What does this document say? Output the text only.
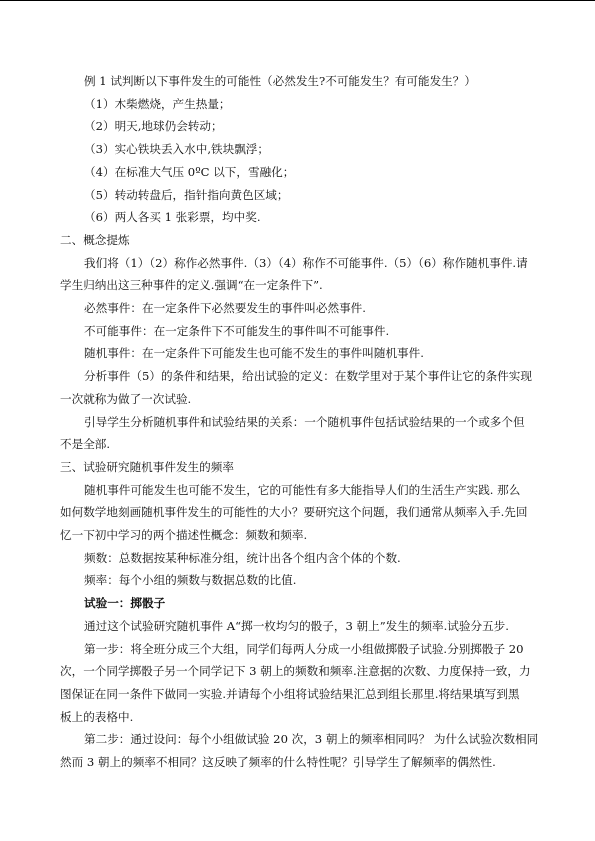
例 1 试判断以下事件发生的可能性（必然发生?不可能发生？有可能发生？）

（1）木柴燃烧，产生热量；

（2）明天,地球仍会转动；

（3）实心铁块丢入水中,铁块飘浮；

（4）在标准大气压 0ºC 以下，雪融化；

（5）转动转盘后，指针指向黄色区域；

（6）两人各买 1 张彩票，均中奖.

二、概念提炼

我们将（1）（2）称作必然事件.（3）（4）称作不可能事件.（5）（6）称作随机事件.请

学生归纳出这三种事件的定义.强调“在一定条件下”.

必然事件：在一定条件下必然要发生的事件叫必然事件.

不可能事件：在一定条件下不可能发生的事件叫不可能事件.

随机事件：在一定条件下可能发生也可能不发生的事件叫随机事件.

分析事件（5）的条件和结果，给出试验的定义：在数学里对于某个事件让它的条件实现

一次就称为做了一次试验.

引导学生分析随机事件和试验结果的关系：一个随机事件包括试验结果的一个或多个但

不是全部.

三、试验研究随机事件发生的频率

随机事件可能发生也可能不发生，它的可能性有多大能指导人们的生活生产实践. 那么

如何数学地刻画随机事件发生的可能性的大小？要研究这个问题，我们通常从频率入手.先回

忆一下初中学习的两个描述性概念：频数和频率.

频数：总数据按某种标准分组，统计出各个组内含个体的个数.

频率：每个小组的频数与数据总数的比值.

试验一：掷骰子

通过这个试验研究随机事件 A“掷一枚均匀的骰子，3 朝上”发生的频率.试验分五步.

第一步：将全班分成三个大组，同学们每两人分成一小组做掷骰子试验.分别掷骰子 20

次，一个同学掷骰子另一个同学记下 3 朝上的频数和频率.注意据的次数、力度保持一致，力

图保证在同一条件下做同一实验.并请每个小组将试验结果汇总到组长那里.将结果填写到黑

板上的表格中.

第二步：通过设问：每个小组做试验 20 次，3 朝上的频率相同吗？ 为什么试验次数相同

然而 3 朝上的频率不相同？这反映了频率的什么特性呢？引导学生了解频率的偶然性.
